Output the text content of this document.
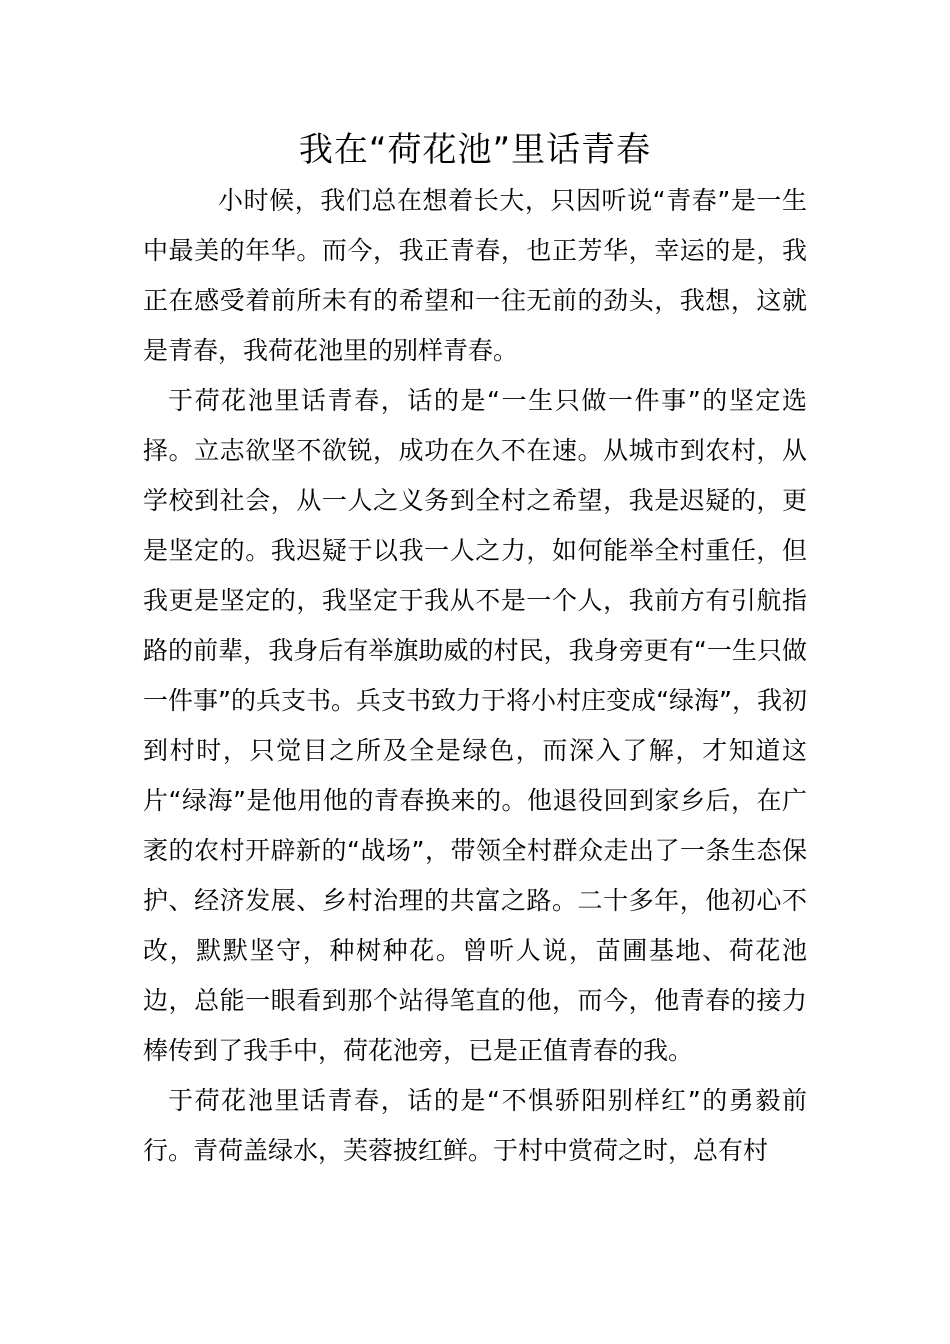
我在“荷花池”里话青春

小时候，我们总在想着长大，只因听说“青春”是一生中最美的年华。而今，我正青春，也正芳华，幸运的是，我正在感受着前所未有的希望和一往无前的劲头，我想，这就是青春，我荷花池里的别样青春。

于荷花池里话青春，话的是“一生只做一件事”的坚定选择。立志欲坚不欲锐，成功在久不在速。从城市到农村，从学校到社会，从一人之义务到全村之希望，我是迟疑的，更是坚定的。我迟疑于以我一人之力，如何能举全村重任，但我更是坚定的，我坚定于我从不是一个人，我前方有引航指路的前辈，我身后有举旗助威的村民，我身旁更有“一生只做一件事”的兵支书。兵支书致力于将小村庄变成“绿海”，我初到村时，只觉目之所及全是绿色，而深入了解，才知道这片“绿海”是他用他的青春换来的。他退役回到家乡后，在广袤的农村开辟新的“战场”，带领全村群众走出了一条生态保护、经济发展、乡村治理的共富之路。二十多年，他初心不改，默默坚守，种树种花。曾听人说，苗圃基地、荷花池边，总能一眼看到那个站得笔直的他，而今，他青春的接力棒传到了我手中，荷花池旁，已是正值青春的我。

于荷花池里话青春，话的是“不惧骄阳别样红”的勇毅前行。青荷盖绿水，芙蓉披红鲜。于村中赏荷之时，总有村
